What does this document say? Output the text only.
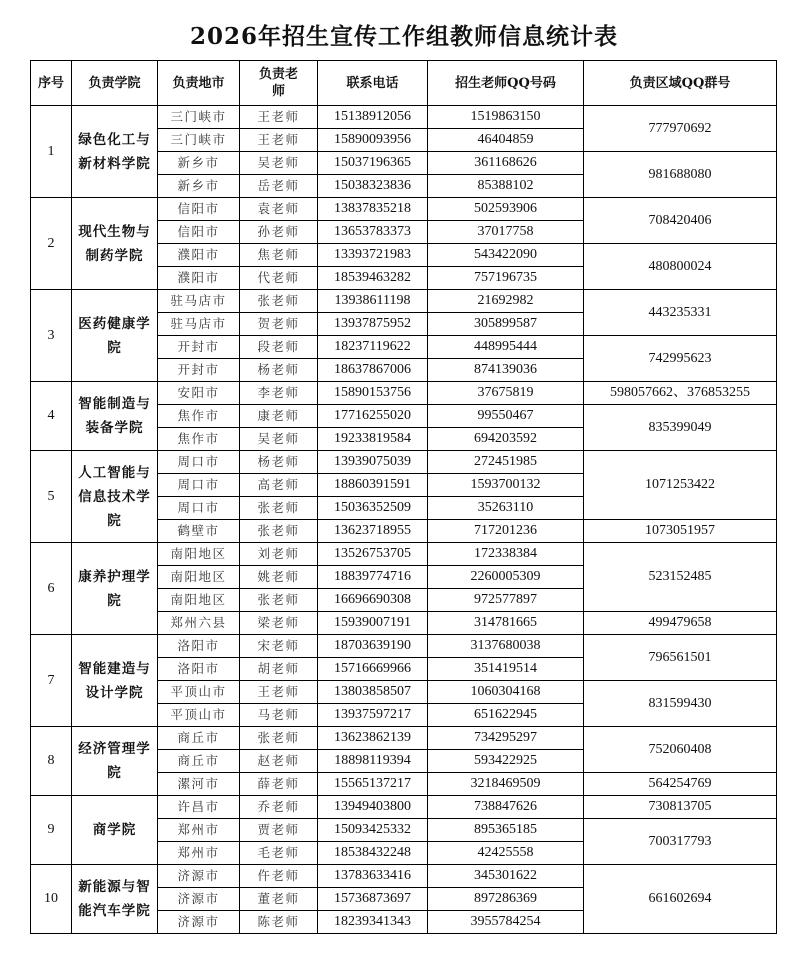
2026年招生宣传工作组教师信息统计表
序号	负责学院	负责地市	负责老师	联系电话	招生老师QQ号码	负责区域QQ群号
1	绿色化工与新材料学院	三门峡市	王老师	15138912056	1519863150	777970692
		三门峡市	王老师	15890093956	46404859	
		新乡市	吴老师	15037196365	361168626	981688080
		新乡市	岳老师	15038323836	85388102	
2	现代生物与制药学院	信阳市	袁老师	13837835218	502593906	708420406
		信阳市	孙老师	13653783373	37017758	
		濮阳市	焦老师	13393721983	543422090	480800024
		濮阳市	代老师	18539463282	757196735	
3	医药健康学院	驻马店市	张老师	13938611198	21692982	443235331
		驻马店市	贺老师	13937875952	305899587	
		开封市	段老师	18237119622	448995444	742995623
		开封市	杨老师	18637867006	874139036	
4	智能制造与装备学院	安阳市	李老师	15890153756	37675819	598057662、376853255
		焦作市	康老师	17716255020	99550467	835399049
		焦作市	吴老师	19233819584	694203592	
5	人工智能与信息技术学院	周口市	杨老师	13939075039	272451985	1071253422
		周口市	高老师	18860391591	1593700132	
		周口市	张老师	15036352509	35263110	
		鹤壁市	张老师	13623718955	717201236	1073051957
6	康养护理学院	南阳地区	刘老师	13526753705	172338384	523152485
		南阳地区	姚老师	18839774716	2260005309	
		南阳地区	张老师	16696690308	972577897	
		郑州六县	梁老师	15939007191	314781665	499479658
7	智能建造与设计学院	洛阳市	宋老师	18703639190	3137680038	796561501
		洛阳市	胡老师	15716669966	351419514	
		平顶山市	王老师	13803858507	1060304168	831599430
		平顶山市	马老师	13937597217	651622945	
8	经济管理学院	商丘市	张老师	13623862139	734295297	752060408
		商丘市	赵老师	18898119394	593422925	
		漯河市	薛老师	15565137217	3218469509	564254769
9	商学院	许昌市	乔老师	13949403800	738847626	730813705
		郑州市	贾老师	15093425332	895365185	700317793
		郑州市	毛老师	18538432248	42425558	
10	新能源与智能汽车学院	济源市	仵老师	13783633416	345301622	661602694
		济源市	董老师	15736873697	897286369	
		济源市	陈老师	18239341343	3955784254	
